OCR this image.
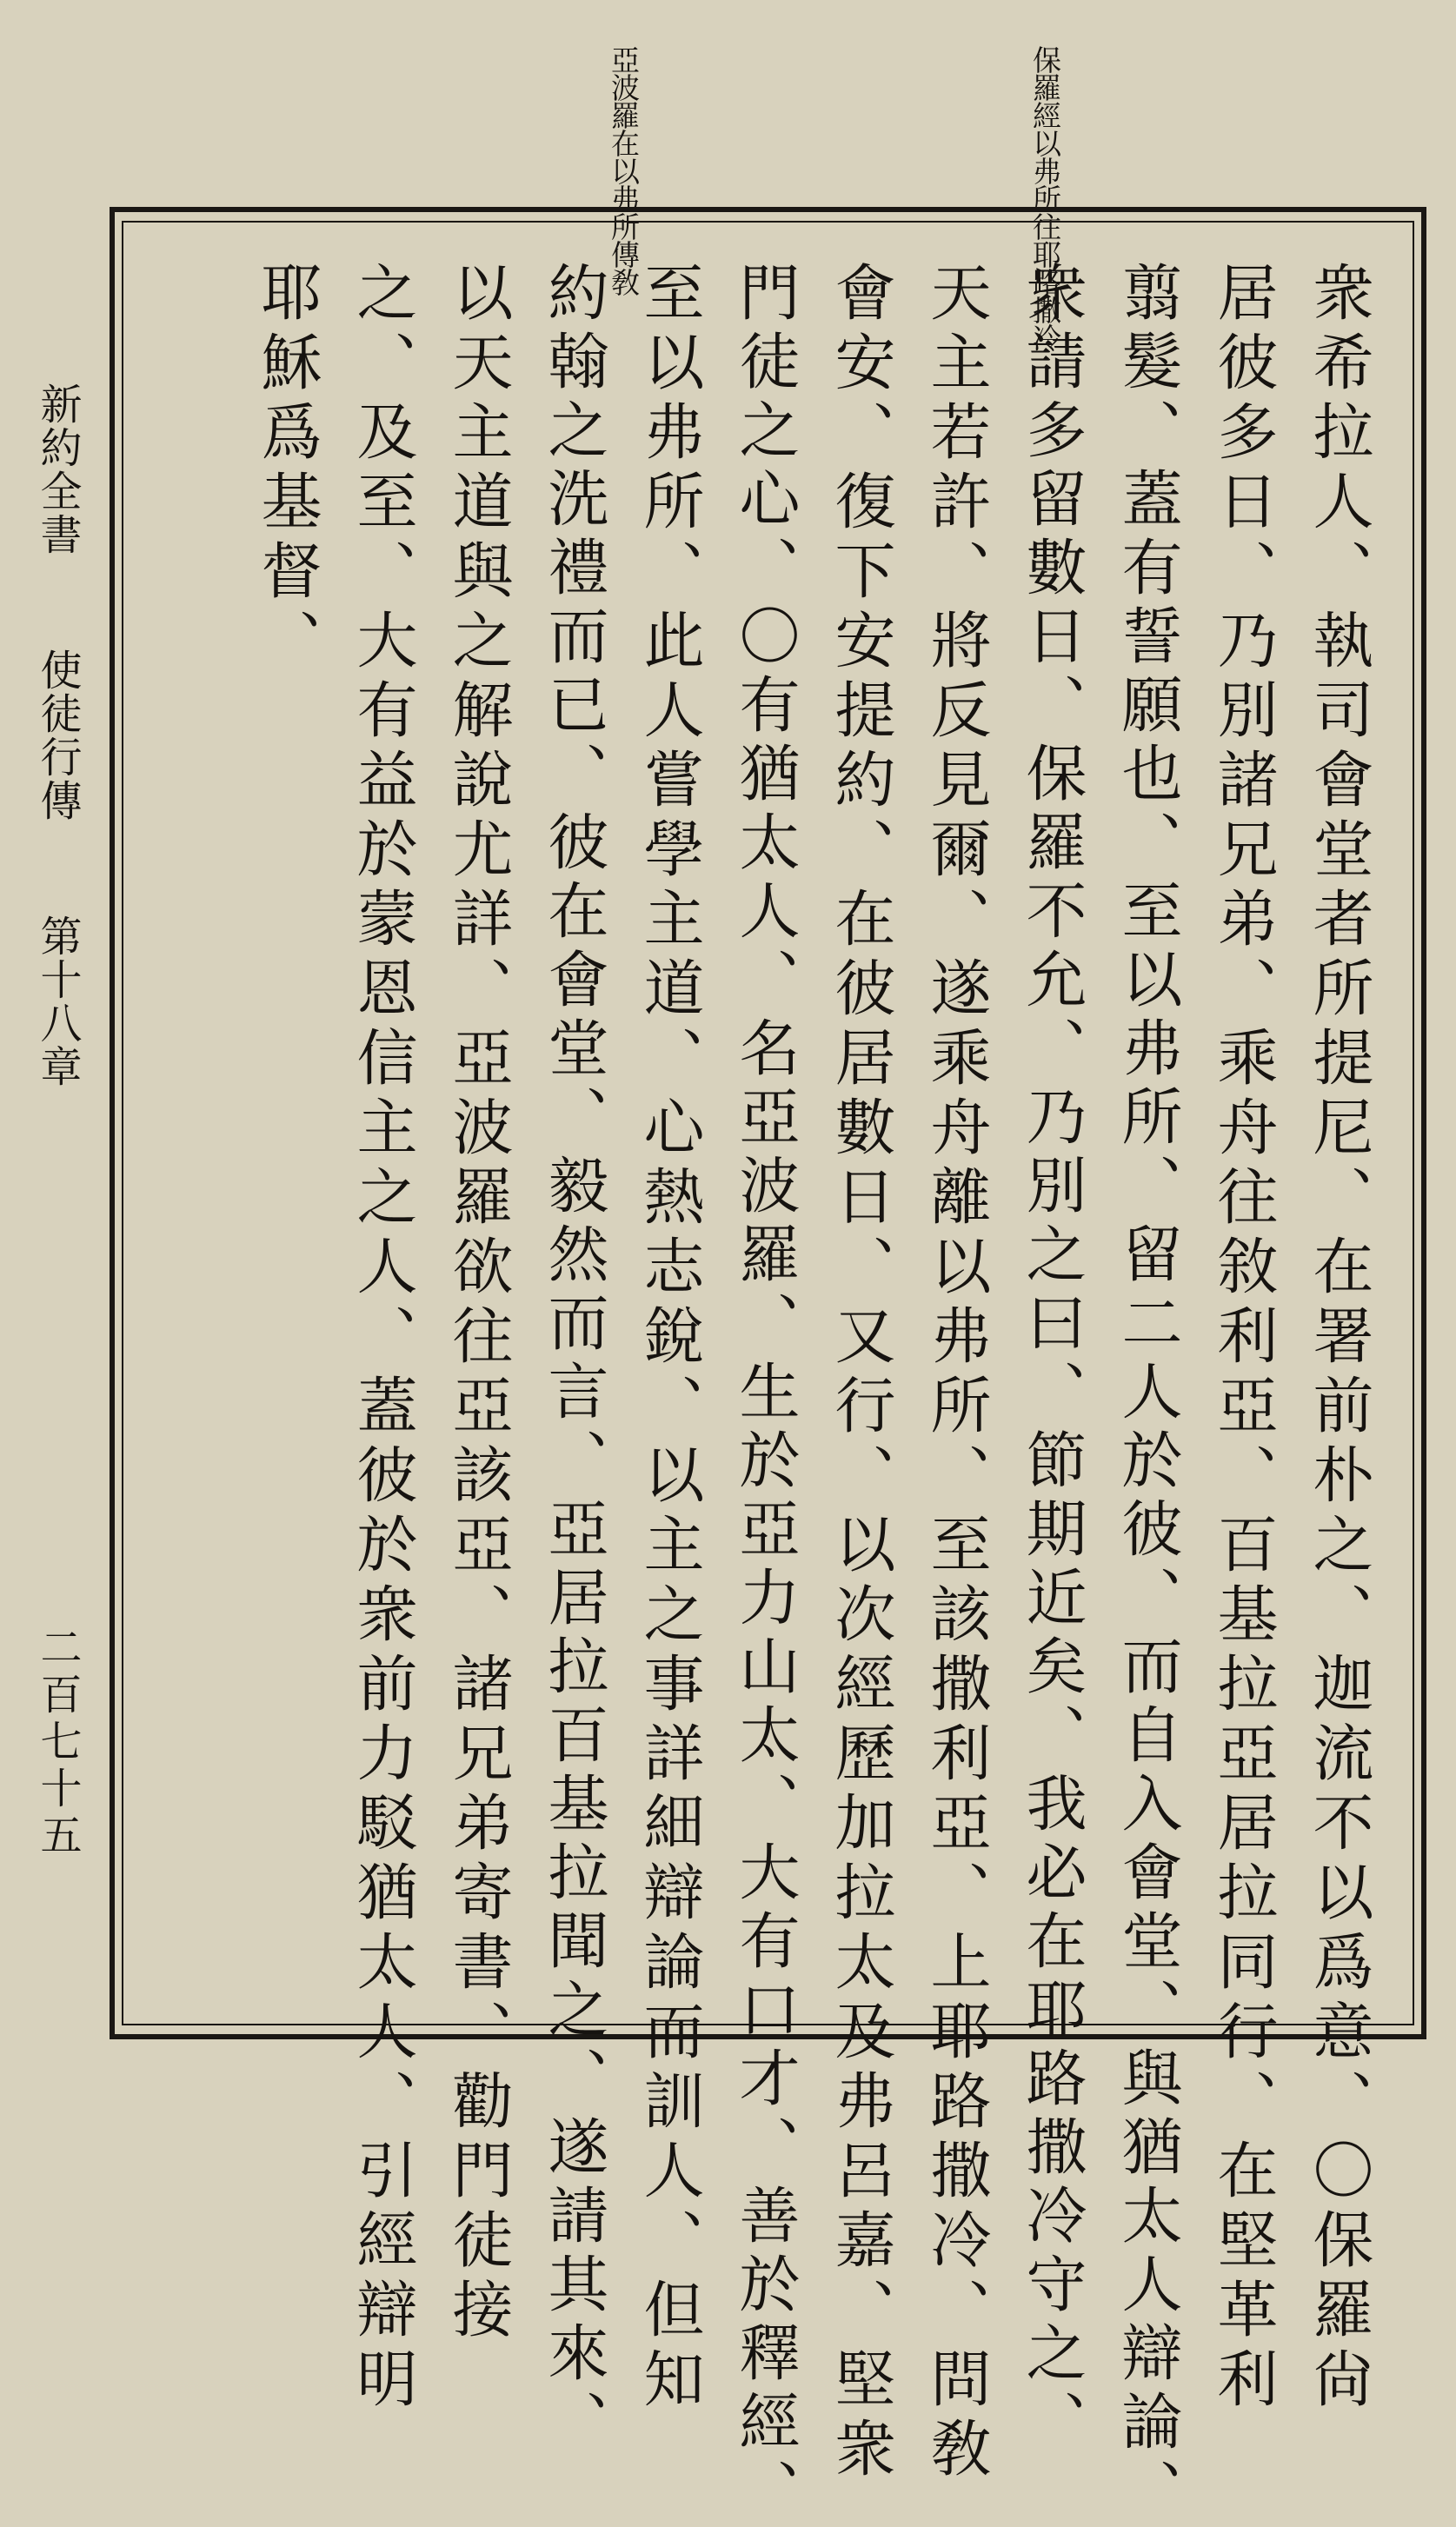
保羅經以弗所往耶路撒冷
亞波羅在以弗所傳敎
衆希拉人、執司會堂者所提尼、在署前朴之、迦流不以爲意、〇保羅尙
居彼多日、乃別諸兄弟、乘舟往敘利亞、百基拉亞居拉同行、在堅革利
翦髮、蓋有誓願也、至以弗所、留二人於彼、而自入會堂、與猶太人辯論、
衆請多留數日、保羅不允、乃別之曰、節期近矣、我必在耶路撒冷守之、
天主若許、將反見爾、遂乘舟離以弗所、至該撒利亞、上耶路撒冷、問敎
會安、復下安提約、在彼居數日、又行、以次經歷加拉太及弗呂嘉、堅衆
門徒之心、〇有猶太人、名亞波羅、生於亞力山太、大有口才、善於釋經、
至以弗所、此人嘗學主道、心熱志銳、以主之事詳細辯論而訓人、但知
約翰之洗禮而已、彼在會堂、毅然而言、亞居拉百基拉聞之、遂請其來、
以天主道與之解說尤詳、亞波羅欲往亞該亞、諸兄弟寄書、勸門徒接
之、及至、大有益於蒙恩信主之人、蓋彼於衆前力駁猶太人、引經辯明
耶穌爲基督、
新約全書 使徒行傳 第十八章
二百七十五
